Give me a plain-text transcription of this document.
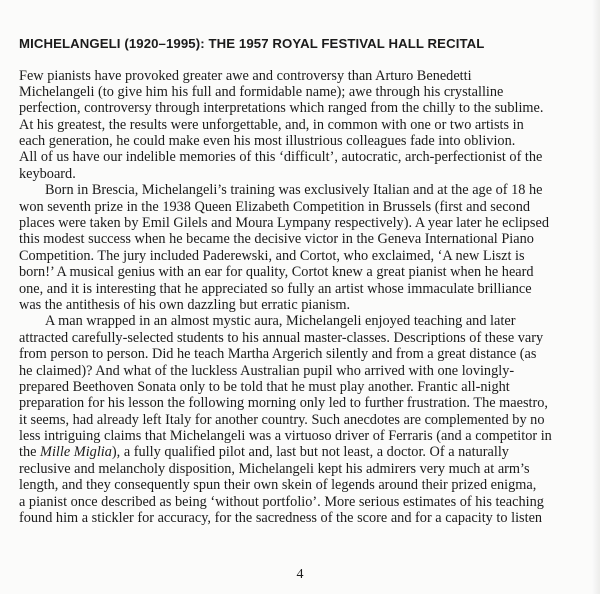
MICHELANGELI (1920–1995): THE 1957 ROYAL FESTIVAL HALL RECITAL
Few pianists have provoked greater awe and controversy than Arturo Benedetti
Michelangeli (to give him his full and formidable name); awe through his crystalline
perfection, controversy through interpretations which ranged from the chilly to the sublime.
At his greatest, the results were unforgettable, and, in common with one or two artists in
each generation, he could make even his most illustrious colleagues fade into oblivion.
All of us have our indelible memories of this ‘difficult’, autocratic, arch-perfectionist of the
keyboard.
Born in Brescia, Michelangeli’s training was exclusively Italian and at the age of 18 he
won seventh prize in the 1938 Queen Elizabeth Competition in Brussels (first and second
places were taken by Emil Gilels and Moura Lympany respectively). A year later he eclipsed
this modest success when he became the decisive victor in the Geneva International Piano
Competition. The jury included Paderewski, and Cortot, who exclaimed, ‘A new Liszt is
born!’ A musical genius with an ear for quality, Cortot knew a great pianist when he heard
one, and it is interesting that he appreciated so fully an artist whose immaculate brilliance
was the antithesis of his own dazzling but erratic pianism.
A man wrapped in an almost mystic aura, Michelangeli enjoyed teaching and later
attracted carefully-selected students to his annual master-classes. Descriptions of these vary
from person to person. Did he teach Martha Argerich silently and from a great distance (as
he claimed)? And what of the luckless Australian pupil who arrived with one lovingly-
prepared Beethoven Sonata only to be told that he must play another. Frantic all-night
preparation for his lesson the following morning only led to further frustration. The maestro,
it seems, had already left Italy for another country. Such anecdotes are complemented by no
less intriguing claims that Michelangeli was a virtuoso driver of Ferraris (and a competitor in
the Mille Miglia), a fully qualified pilot and, last but not least, a doctor. Of a naturally
reclusive and melancholy disposition, Michelangeli kept his admirers very much at arm’s
length, and they consequently spun their own skein of legends around their prized enigma,
a pianist once described as being ‘without portfolio’. More serious estimates of his teaching
found him a stickler for accuracy, for the sacredness of the score and for a capacity to listen
4
